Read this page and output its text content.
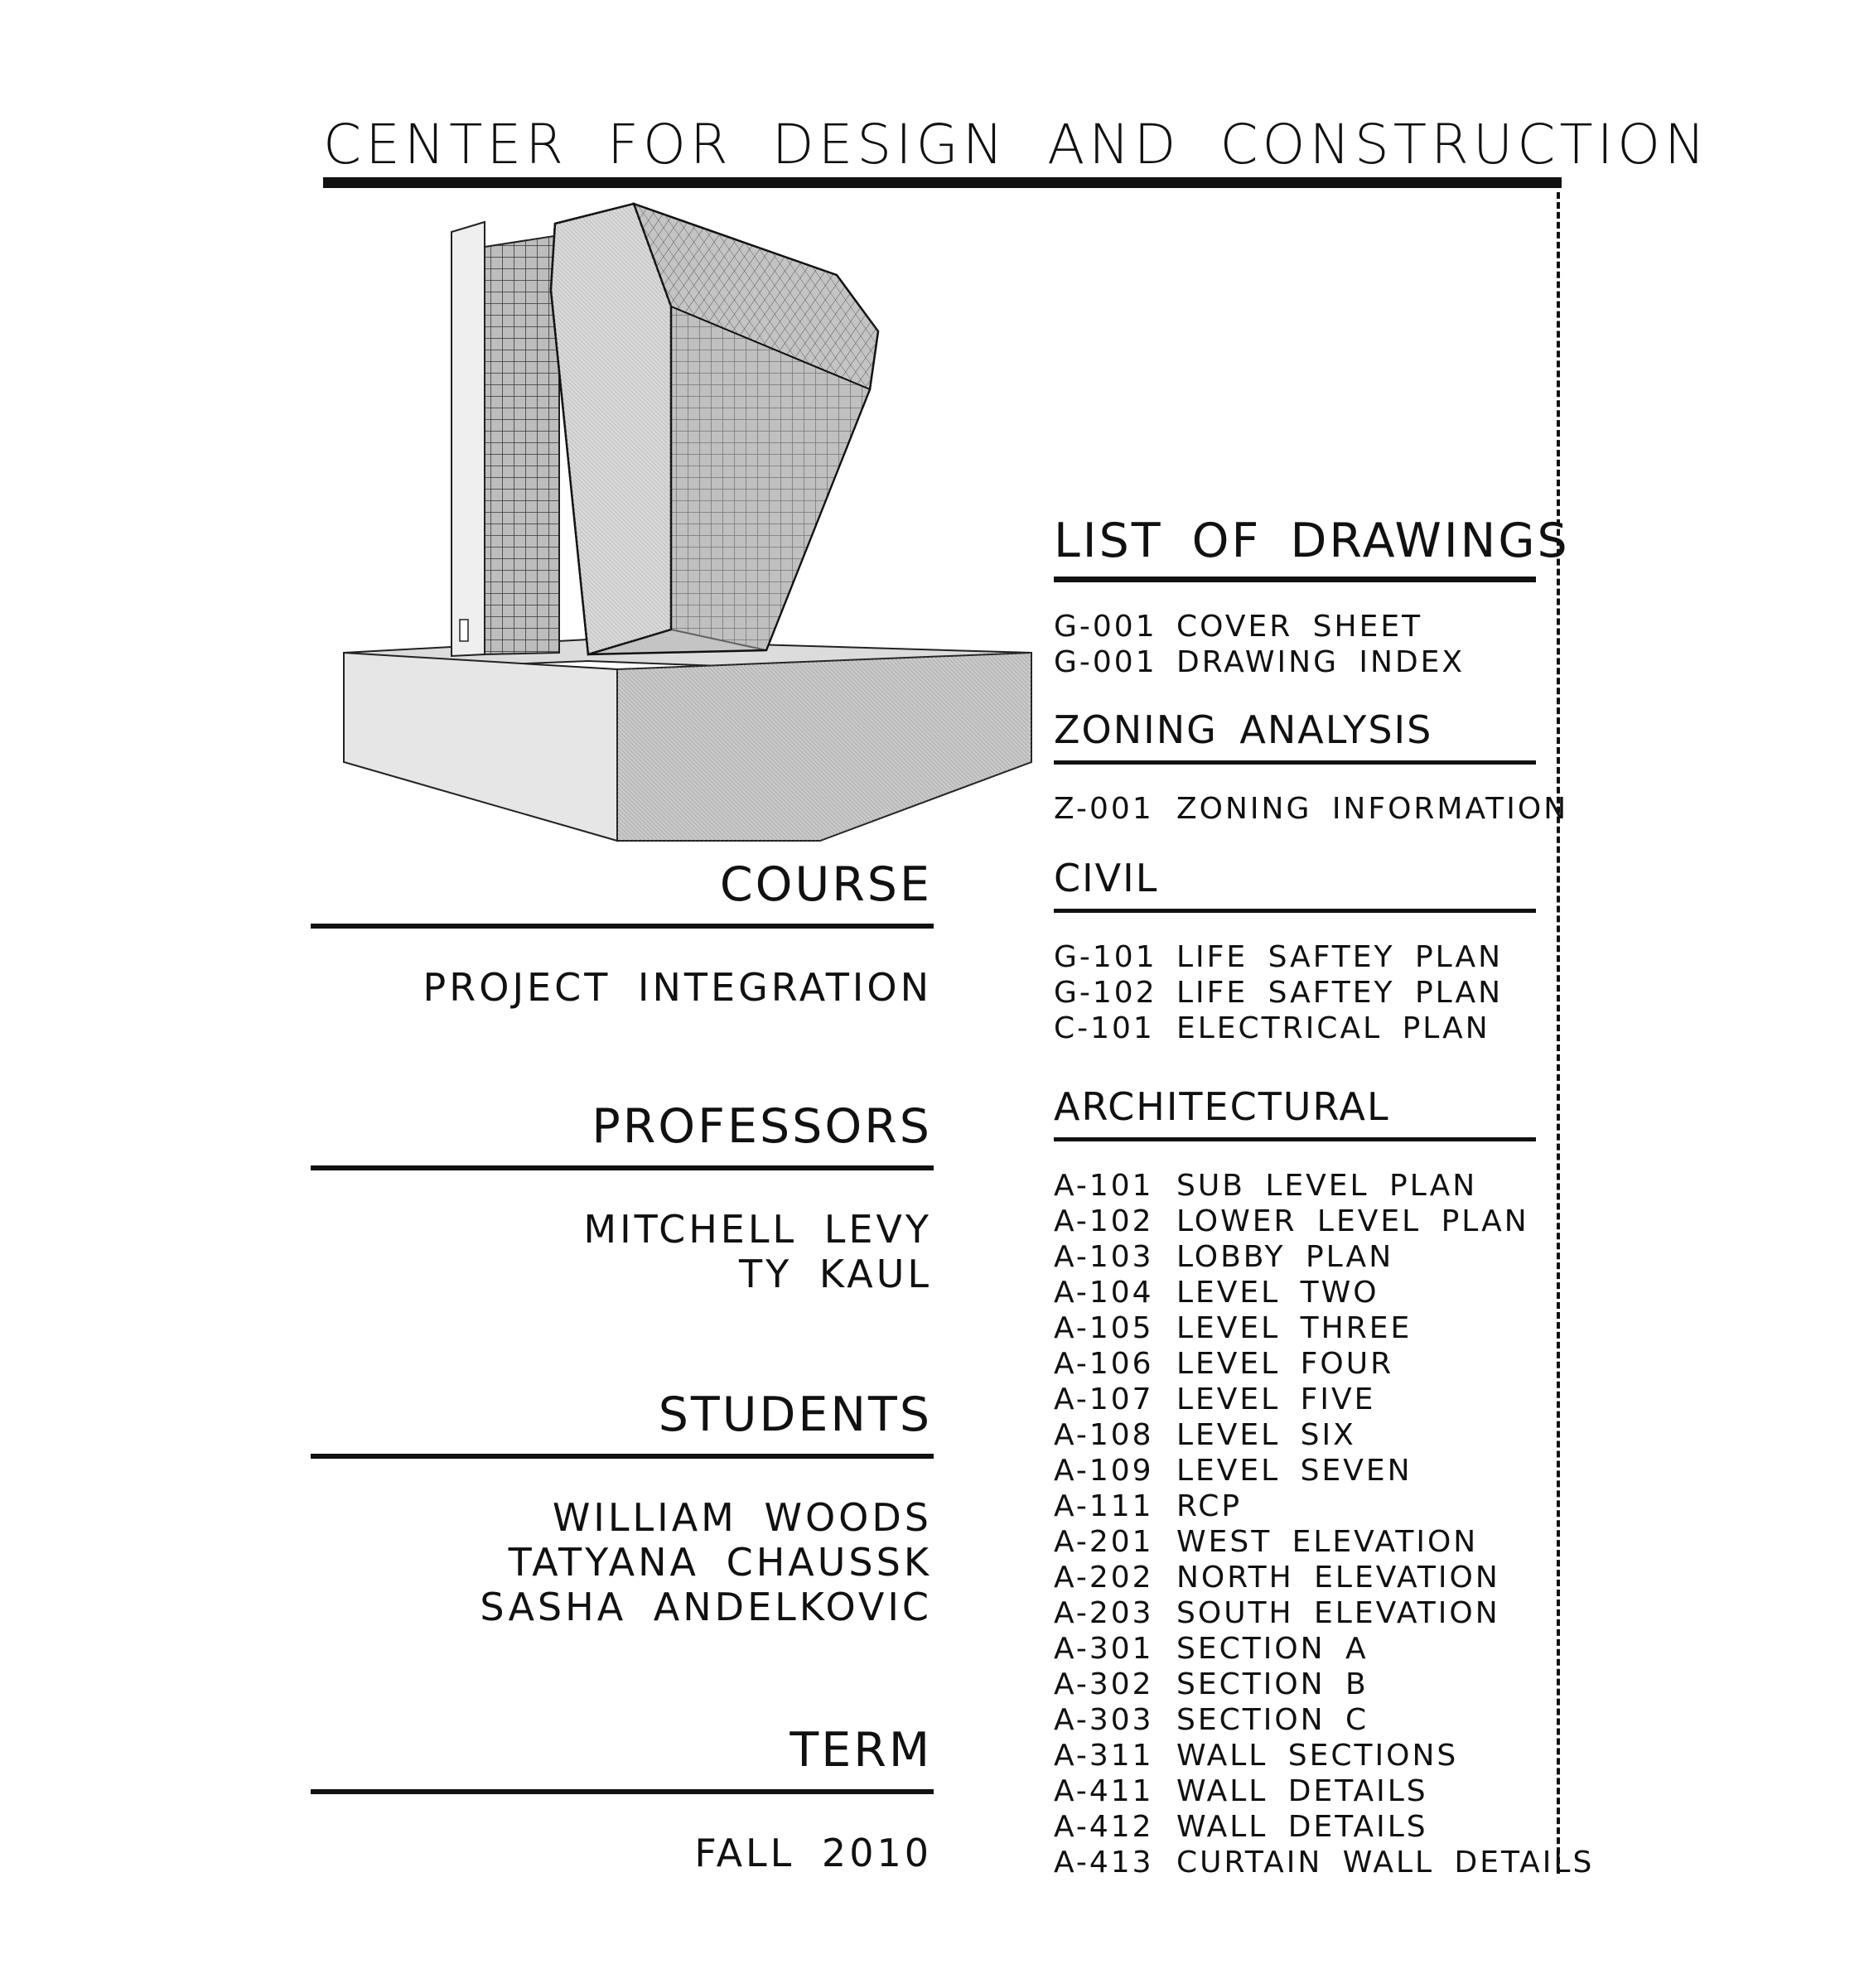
CENTER FOR DESIGN AND CONSTRUCTION
COURSE
PROJECT INTEGRATION
PROFESSORS
MITCHELL LEVY
TY KAUL
STUDENTS
WILLIAM WOODS
TATYANA CHAUSSK
SASHA ANDELKOVIC
TERM
FALL 2010
LIST OF DRAWINGS
G-001 COVER SHEET
G-001 DRAWING INDEX
ZONING ANALYSIS
Z-001 ZONING INFORMATION
CIVIL
G-101 LIFE SAFTEY PLAN
G-102 LIFE SAFTEY PLAN
C-101 ELECTRICAL PLAN
ARCHITECTURAL
A-101 SUB LEVEL PLAN
A-102 LOWER LEVEL PLAN
A-103 LOBBY PLAN
A-104 LEVEL TWO
A-105 LEVEL THREE
A-106 LEVEL FOUR
A-107 LEVEL FIVE
A-108 LEVEL SIX
A-109 LEVEL SEVEN
A-111 RCP
A-201 WEST ELEVATION
A-202 NORTH ELEVATION
A-203 SOUTH ELEVATION
A-301 SECTION A
A-302 SECTION B
A-303 SECTION C
A-311 WALL SECTIONS
A-411 WALL DETAILS
A-412 WALL DETAILS
A-413 CURTAIN WALL DETAILS
